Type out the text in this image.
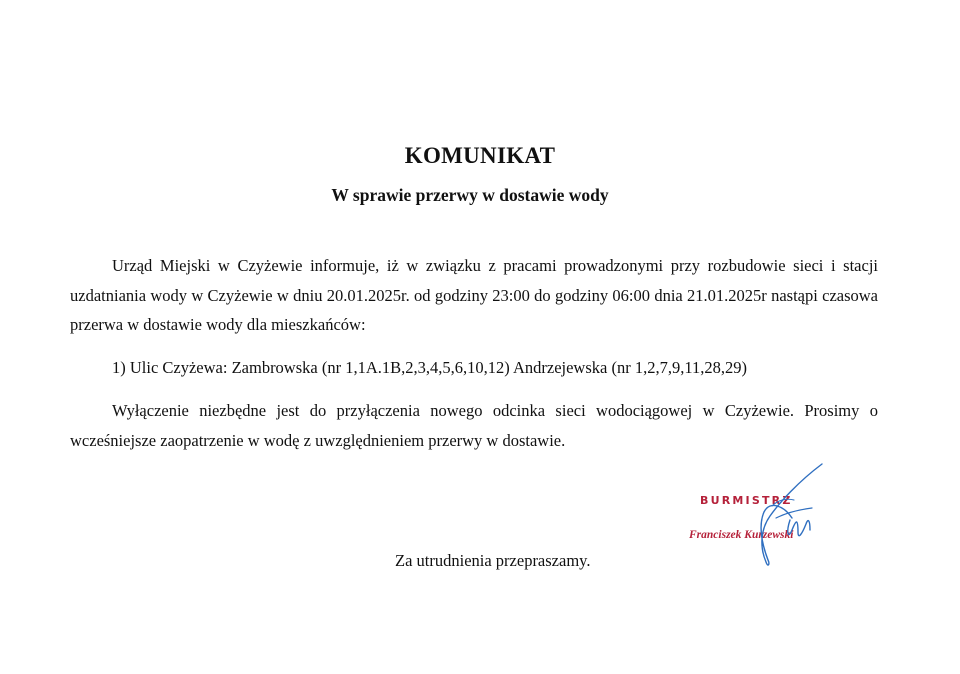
KOMUNIKAT
W sprawie przerwy w dostawie wody
Urząd Miejski w Czyżewie informuje, iż w związku z pracami prowadzonymi przy rozbudowie sieci i stacji uzdatniania wody w Czyżewie w dniu 20.01.2025r. od godziny 23:00 do godziny 06:00 dnia 21.01.2025r nastąpi czasowa przerwa w dostawie wody dla mieszkańców:
1) Ulic Czyżewa: Zambrowska (nr 1,1A.1B,2,3,4,5,6,10,12) Andrzejewska (nr 1,2,7,9,11,28,29)
Wyłączenie niezbędne jest do przyłączenia nowego odcinka sieci wodociągowej w Czyżewie. Prosimy o wcześniejsze zaopatrzenie w wodę z uwzględnieniem przerwy w dostawie.
Za utrudnienia przepraszamy.
BURMISTRZ
Franciszek Kurzewski
